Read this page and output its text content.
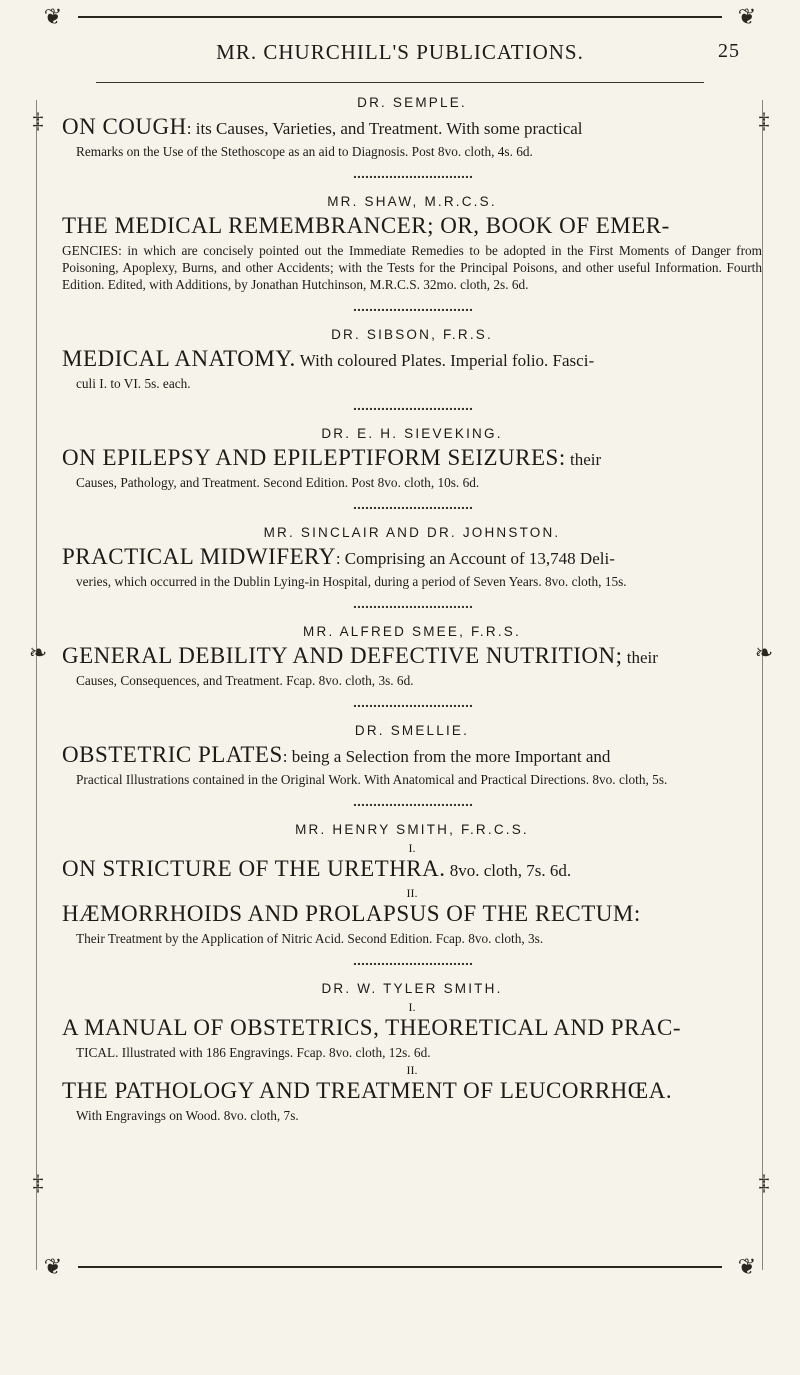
❦	❦
‡	‡
❧	❧
‡	‡
MR. CHURCHILL'S PUBLICATIONS.	25

DR. SEMPLE.

ON COUGH: its Causes, Varieties, and Treatment. With some practical

Remarks on the Use of the Stethoscope as an aid to Diagnosis. Post 8vo. cloth, 4s. 6d.

MR. SHAW, M.R.C.S.

THE MEDICAL REMEMBRANCER; OR, BOOK OF EMER-

GENCIES: in which are concisely pointed out the Immediate Remedies to be adopted in the First Moments of Danger from Poisoning, Apoplexy, Burns, and other Accidents; with the Tests for the Principal Poisons, and other useful Information. Fourth Edition. Edited, with Additions, by Jonathan Hutchinson, M.R.C.S. 32mo. cloth, 2s. 6d.

DR. SIBSON, F.R.S.

MEDICAL ANATOMY. With coloured Plates. Imperial folio. Fasci-

culi I. to VI. 5s. each.

DR. E. H. SIEVEKING.

ON EPILEPSY AND EPILEPTIFORM SEIZURES: their

Causes, Pathology, and Treatment. Second Edition. Post 8vo. cloth, 10s. 6d.

MR. SINCLAIR AND DR. JOHNSTON.

PRACTICAL MIDWIFERY: Comprising an Account of 13,748 Deli-

veries, which occurred in the Dublin Lying-in Hospital, during a period of Seven Years. 8vo. cloth, 15s.

MR. ALFRED SMEE, F.R.S.

GENERAL DEBILITY AND DEFECTIVE NUTRITION; their

Causes, Consequences, and Treatment. Fcap. 8vo. cloth, 3s. 6d.

DR. SMELLIE.

OBSTETRIC PLATES: being a Selection from the more Important and

Practical Illustrations contained in the Original Work. With Anatomical and Practical Directions. 8vo. cloth, 5s.

MR. HENRY SMITH, F.R.C.S.

I.

ON STRICTURE OF THE URETHRA. 8vo. cloth, 7s. 6d.

II.

HÆMORRHOIDS AND PROLAPSUS OF THE RECTUM:

Their Treatment by the Application of Nitric Acid. Second Edition. Fcap. 8vo. cloth, 3s.

DR. W. TYLER SMITH.

I.

A MANUAL OF OBSTETRICS, THEORETICAL AND PRAC-

TICAL. Illustrated with 186 Engravings. Fcap. 8vo. cloth, 12s. 6d.

II.

THE PATHOLOGY AND TREATMENT OF LEUCORRHŒA.

With Engravings on Wood. 8vo. cloth, 7s.

❦	❦
